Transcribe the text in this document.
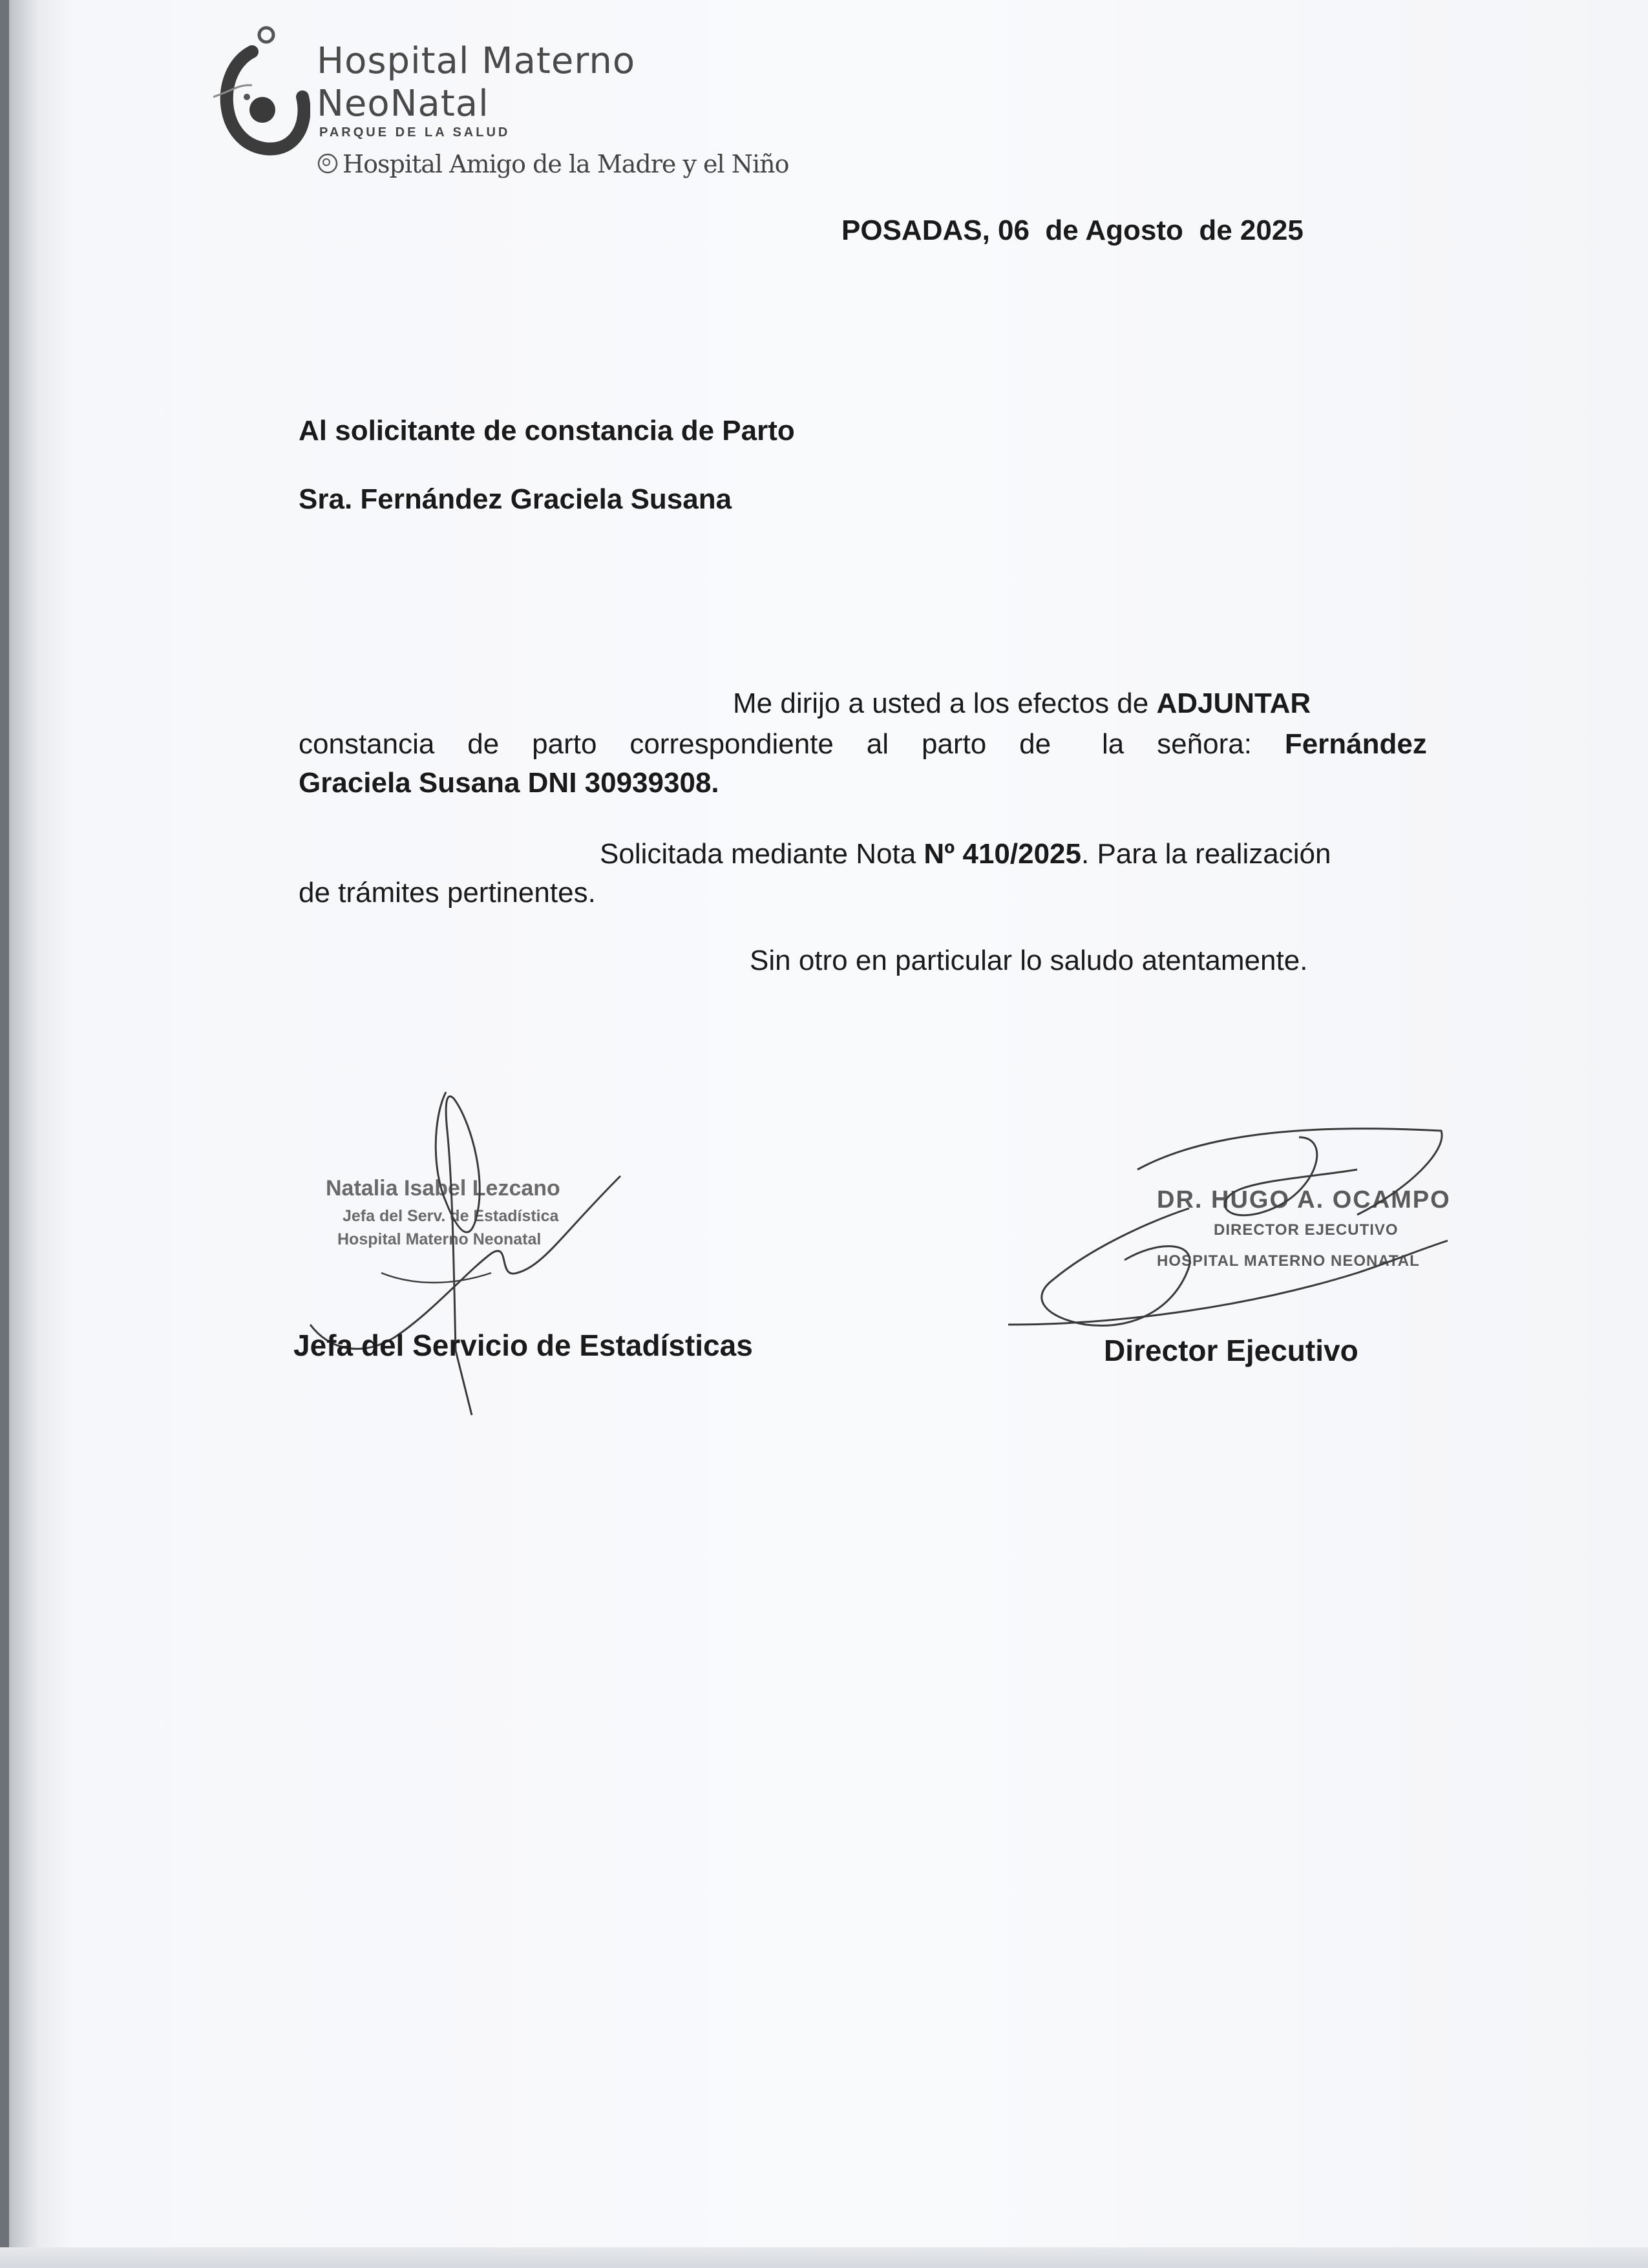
Hospital Materno
NeoNatal
PARQUE DE LA SALUD
Hospital Amigo de la Madre y el Niño
POSADAS, 06  de Agosto  de 2025
Al solicitante de constancia de Parto
Sra. Fernández Graciela Susana
Me dirijo a usted a los efectos de ADJUNTAR
constancia de parto correspondiente al parto de la señora: Fernández
Graciela Susana DNI 30939308.
Solicitada mediante Nota Nº 410/2025. Para la realización
de trámites pertinentes.
Sin otro en particular lo saludo atentamente.
Natalia Isabel Lezcano
Jefa del Serv. de Estadística
Hospital Materno Neonatal
DR. HUGO A. OCAMPO
DIRECTOR EJECUTIVO
HOSPITAL MATERNO NEONATAL
Jefa del Servicio de Estadísticas	Director Ejecutivo
